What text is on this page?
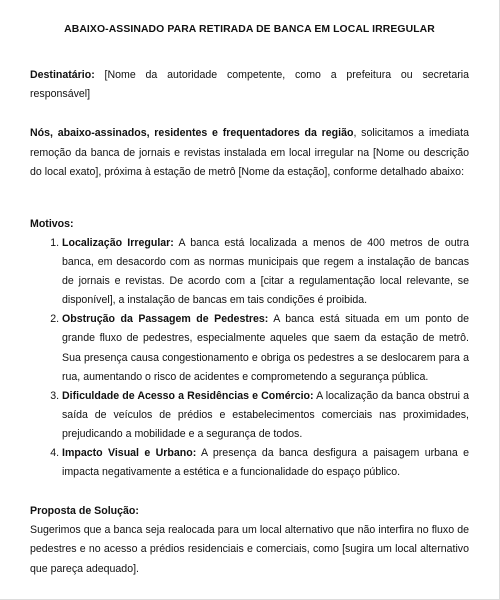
ABAIXO-ASSINADO PARA RETIRADA DE BANCA EM LOCAL IRREGULAR

Destinatário: [Nome da autoridade competente, como a prefeitura ou secretaria responsável]

Nós, abaixo-assinados, residentes e frequentadores da região, solicitamos a imediata remoção da banca de jornais e revistas instalada em local irregular na [Nome ou descrição do local exato], próxima à estação de metrô [Nome da estação], conforme detalhado abaixo:

Motivos:
1. Localização Irregular: A banca está localizada a menos de 400 metros de outra banca, em desacordo com as normas municipais que regem a instalação de bancas de jornais e revistas. De acordo com a [citar a regulamentação local relevante, se disponível], a instalação de bancas em tais condições é proibida.
2. Obstrução da Passagem de Pedestres: A banca está situada em um ponto de grande fluxo de pedestres, especialmente aqueles que saem da estação de metrô. Sua presença causa congestionamento e obriga os pedestres a se deslocarem para a rua, aumentando o risco de acidentes e comprometendo a segurança pública.
3. Dificuldade de Acesso a Residências e Comércio: A localização da banca obstrui a saída de veículos de prédios e estabelecimentos comerciais nas proximidades, prejudicando a mobilidade e a segurança de todos.
4. Impacto Visual e Urbano: A presença da banca desfigura a paisagem urbana e impacta negativamente a estética e a funcionalidade do espaço público.
Proposta de Solução:

Sugerimos que a banca seja realocada para um local alternativo que não interfira no fluxo de pedestres e no acesso a prédios residenciais e comerciais, como [sugira um local alternativo que pareça adequado].
